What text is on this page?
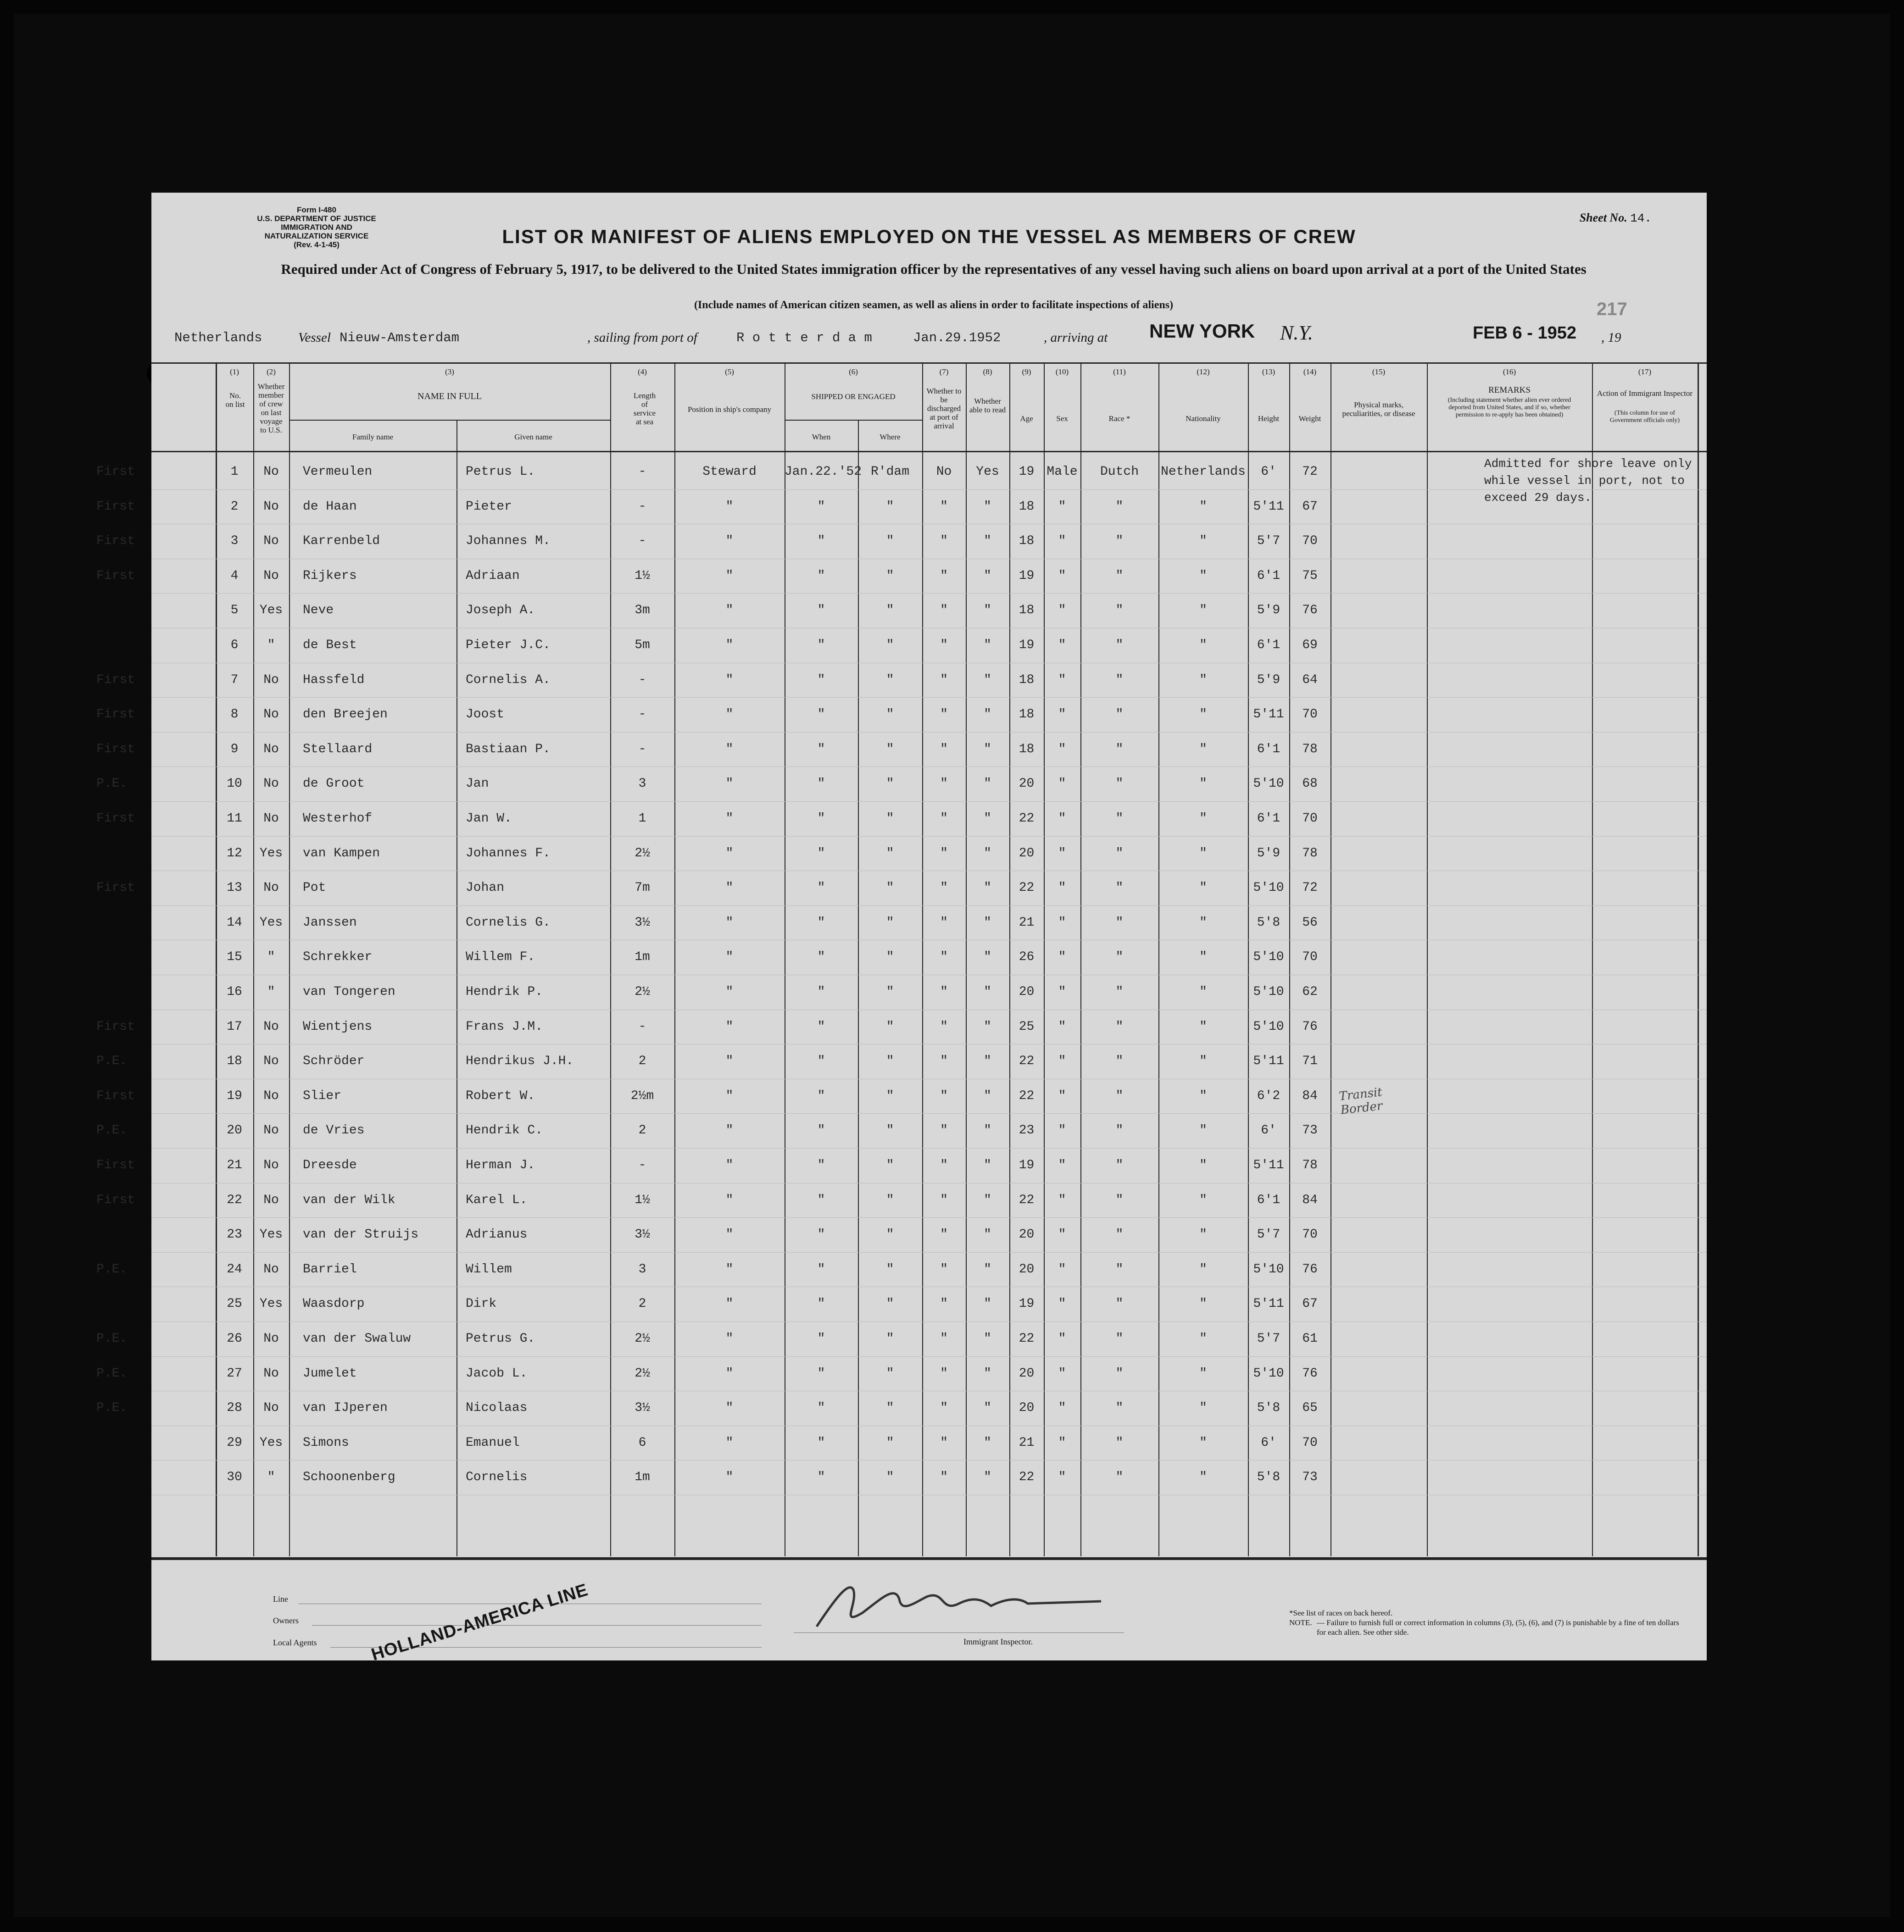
Form I-480
U.S. DEPARTMENT OF JUSTICE
IMMIGRATION AND NATURALIZATION SERVICE
(Rev. 4-1-45)
Sheet No. 14.
LIST OR MANIFEST OF ALIENS EMPLOYED ON THE VESSEL AS MEMBERS OF CREW
Required under Act of Congress of February 5, 1917, to be delivered to the United States immigration officer by the representatives of any vessel having such aliens on board upon arrival at a port of the United States
(Include names of American citizen seamen, as well as aliens in order to facilitate inspections of aliens)	217
Netherlands	Vessel Nieuw-Amsterdam	, sailing from port of	R o t t e r d a m	Jan.29.1952	, arriving at NEW YORK N.Y.	FEB 6 - 1952 , 19
(1)
No. on list
(2)
Whether member of crew on last voyage to U.S.
(3)
NAME IN FULL
Family name	Given name
(4)
Length of service at sea
(5)
Position in ship's company
(6)
SHIPPED OR ENGAGED
When	Where
(7)
Whether to be discharged at port of arrival
(8)
Whether able to read
(9)
Age
(10)
Sex
(11)
Race *
(12)
Nationality
(13)
Height
(14)
Weight
(15)
Physical marks, peculiarities, or disease
(16)
REMARKS
(Including statement whether alien ever ordered deported from United States, and if so, whether permission to re-apply has been obtained)
(17)
Action of Immigrant Inspector
(This column for use of Government officials only)
First	1	No	Vermeulen	Petrus L.	-	Steward	Jan.22.'52 R'dam	No	Yes	19 Male	Dutch	Netherlands	6'	72
First	2	No	de Haan	Pieter	-	"	"	"	"	"	18	"	"	"	5'11	67
First	3	No	Karrenbeld	Johannes M.	-	"	"	"	"	"	18	"	"	"	5'7	70
First	4	No	Rijkers	Adriaan	1½	"	"	"	"	"	19	"	"	"	6'1	75
5	Yes	Neve	Joseph A.	3m	"	"	"	"	"	18	"	"	"	5'9	76
6	"	de Best	Pieter J.C.	5m	"	"	"	"	"	19	"	"	"	6'1	69
First	7	No	Hassfeld	Cornelis A.	-	"	"	"	"	"	18	"	"	"	5'9	64
First	8	No	den Breejen	Joost	-	"	"	"	"	"	18	"	"	"	5'11	70
First	9	No	Stellaard	Bastiaan P.	-	"	"	"	"	"	18	"	"	"	6'1	78
P.E.	10	No	de Groot	Jan	3	"	"	"	"	"	20	"	"	"	5'10	68
First	11	No	Westerhof	Jan W.	1	"	"	"	"	"	22	"	"	"	6'1	70
12	Yes	van Kampen	Johannes F.	2½	"	"	"	"	"	20	"	"	"	5'9	78
First	13	No	Pot	Johan	7m	"	"	"	"	"	22	"	"	"	5'10	72
14	Yes	Janssen	Cornelis G.	3½	"	"	"	"	"	21	"	"	"	5'8	56
15	"	Schrekker	Willem F.	1m	"	"	"	"	"	26	"	"	"	5'10	70
16	"	van Tongeren	Hendrik P.	2½	"	"	"	"	"	20	"	"	"	5'10	62
First	17	No	Wientjens	Frans J.M.	-	"	"	"	"	"	25	"	"	"	5'10	76
P.E.	18	No	Schröder	Hendrikus J.H.	2	"	"	"	"	"	22	"	"	"	5'11	71
First	19	No	Slier	Robert W.	2½m	"	"	"	"	"	22	"	"	"	6'2	84
P.E.	20	No	de Vries	Hendrik C.	2	"	"	"	"	"	23	"	"	"	6'	73
First	21	No	Dreesde	Herman J.	-	"	"	"	"	"	19	"	"	"	5'11	78
First	22	No	van der Wilk	Karel L.	1½	"	"	"	"	"	22	"	"	"	6'1	84
23	Yes	van der Struijs	Adrianus	3½	"	"	"	"	"	20	"	"	"	5'7	70
P.E.	24	No	Barriel	Willem	3	"	"	"	"	"	20	"	"	"	5'10	76
25	Yes	Waasdorp	Dirk	2	"	"	"	"	"	19	"	"	"	5'11	67
P.E.	26	No	van der Swaluw	Petrus G.	2½	"	"	"	"	"	22	"	"	"	5'7	61
P.E.	27	No	Jumelet	Jacob L.	2½	"	"	"	"	"	20	"	"	"	5'10	76
P.E.	28	No	van IJperen	Nicolaas	3½	"	"	"	"	"	20	"	"	"	5'8	65
29	Yes	Simons	Emanuel	6	"	"	"	"	"	21	"	"	"	6'	70
30	"	Schoonenberg	Cornelis	1m	"	"	"	"	"	22	"	"	"	5'8	73
Admitted for shore leave only while vessel in port, not to exceed 29 days.
Transit Border
Line
Owners
Local Agents	HOLLAND-AMERICA LINE	Immigrant Inspector.
*See list of races on back hereof.
NOTE. — Failure to furnish full or correct information in columns (3), (5), (6), and (7) is punishable by a fine of ten dollars for each alien. See other side.
